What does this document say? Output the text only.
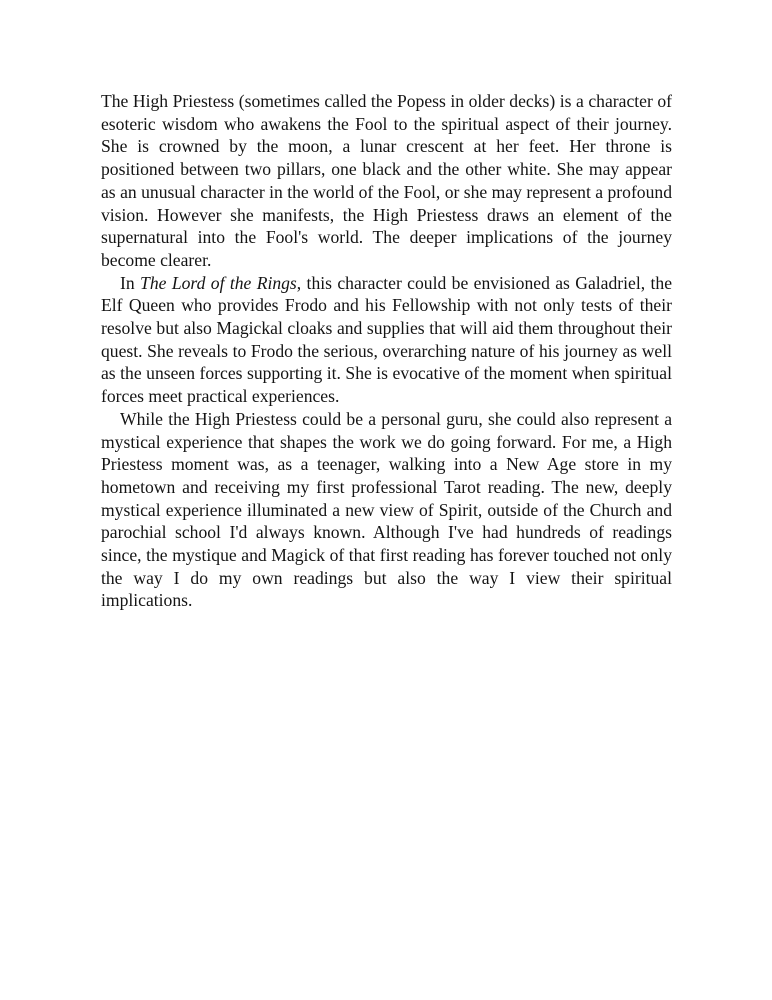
The High Priestess (sometimes called the Popess in older decks) is a character of esoteric wisdom who awakens the Fool to the spiritual aspect of their journey. She is crowned by the moon, a lunar crescent at her feet. Her throne is positioned between two pillars, one black and the other white. She may appear as an unusual character in the world of the Fool, or she may represent a profound vision. However she manifests, the High Priestess draws an element of the supernatural into the Fool's world. The deeper implications of the journey become clearer.

In The Lord of the Rings, this character could be envisioned as Galadriel, the Elf Queen who provides Frodo and his Fellowship with not only tests of their resolve but also Magickal cloaks and supplies that will aid them throughout their quest. She reveals to Frodo the serious, overarching nature of his journey as well as the unseen forces supporting it. She is evocative of the moment when spiritual forces meet practical experiences.

While the High Priestess could be a personal guru, she could also represent a mystical experience that shapes the work we do going forward. For me, a High Priestess moment was, as a teenager, walking into a New Age store in my hometown and receiving my first professional Tarot reading. The new, deeply mystical experience illuminated a new view of Spirit, outside of the Church and parochial school I'd always known. Although I've had hundreds of readings since, the mystique and Magick of that first reading has forever touched not only the way I do my own readings but also the way I view their spiritual implications.
